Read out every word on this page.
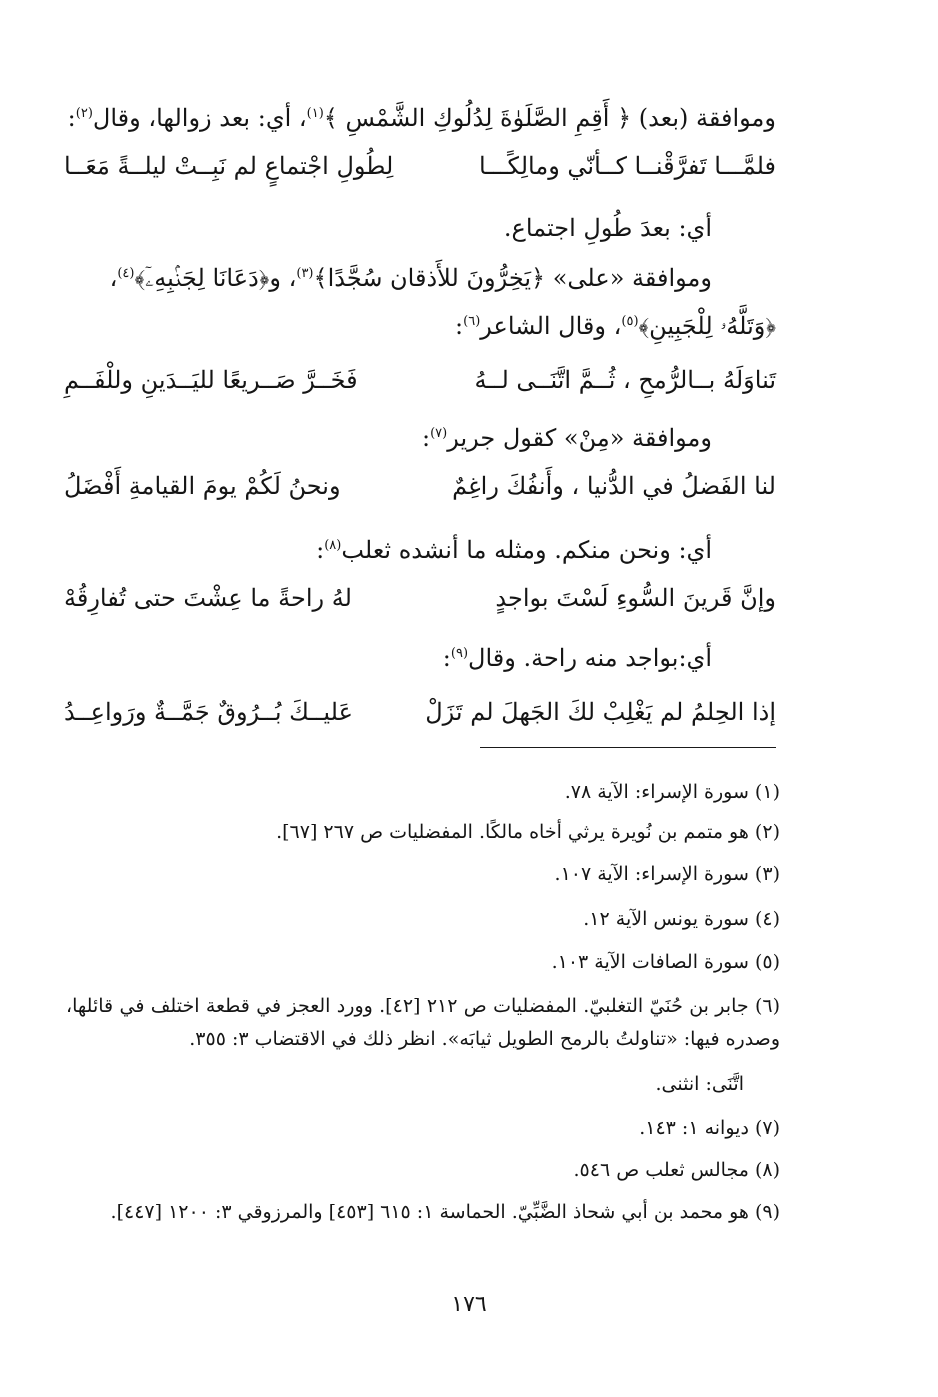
وموافقة (بعد) ﴿ أَقِمِ الصَّلَوٰةَ لِدُلُوكِ الشَّمْسِ ﴾$^{(١)}$، أي: بعد زوالها، وقال$^{(٢)}$:
فلمَّـــا تَفرَّقْنــا كــأنّي ومالِكًـــا
لِطُولِ اجْتماعٍ لم نَبِــتْ ليلــةً مَعَــا
أي: بعدَ طُولِ اجتماع.
وموافقة «على» ﴿يَخِرُّونَ للأَذقان سُجَّدًا﴾$^{(٣)}$، و﴿دَعَانَا لِجَنۢبِهِۦٓ﴾$^{(٤)}$،
﴿وَتَلَّهُۥ لِلْجَبِينِ﴾$^{(٥)}$، وقال الشاعر$^{(٦)}$:
تَناوَلَهُ بــالرُّمحِ ، ثُــمَّ اتَّنَــى لــهُ
فَخَــرَّ صَــريعًا لليَــدَينِ وللْفَــمِ
وموافقة «مِنْ» كقول جرير$^{(٧)}$:
لنا الفَضلُ في الدُّنيا ، وأَنفُكَ راغِمٌ
ونحنُ لَكُمْ يومَ القيامةِ أَفْضَلُ
أي: ونحن منكم. ومثله ما أنشده ثعلب$^{(٨)}$:
وإنَّ قَرينَ السُّوءِ لَسْتَ بواجدٍ
لهُ راحةً ما عِشْتَ حتى تُفارِقُهْ
أي:بواجد منه راحة. وقال$^{(٩)}$:
إذا الحِلمُ لم يَغْلِبْ لكَ الجَهلَ لم تَزَلْ
عَليــكَ بُــرُوقٌ جَمَّــةٌ ورَواعِــدُ
(١) سورة الإسراء: الآية ٧٨.
(٢) هو متمم بن نُويرة يرثي أخاه مالكًا. المفضليات ص ٢٦٧ [٦٧].
(٣) سورة الإسراء: الآية ١٠٧.
(٤) سورة يونس الآية ١٢.
(٥) سورة الصافات الآية ١٠٣.
(٦) جابر بن حُنَيّ التغلبيّ. المفضليات ص ٢١٢ [٤٢]. وورد العجز في قطعة اختلف في قائلها، وصدره فيها: «تناولتُ بالرمح الطويل ثيابَه». انظر ذلك في الاقتضاب ٣: ٣٥٥.
اتَّنَى: انثنى.
(٧) ديوانه ١: ١٤٣.
(٨) مجالس ثعلب ص ٥٤٦.
(٩) هو محمد بن أبي شحاذ الضَّبِّيّ. الحماسة ١: ٦١٥ [٤٥٣] والمرزوقي ٣: ١٢٠٠ [٤٤٧].
١٧٦
